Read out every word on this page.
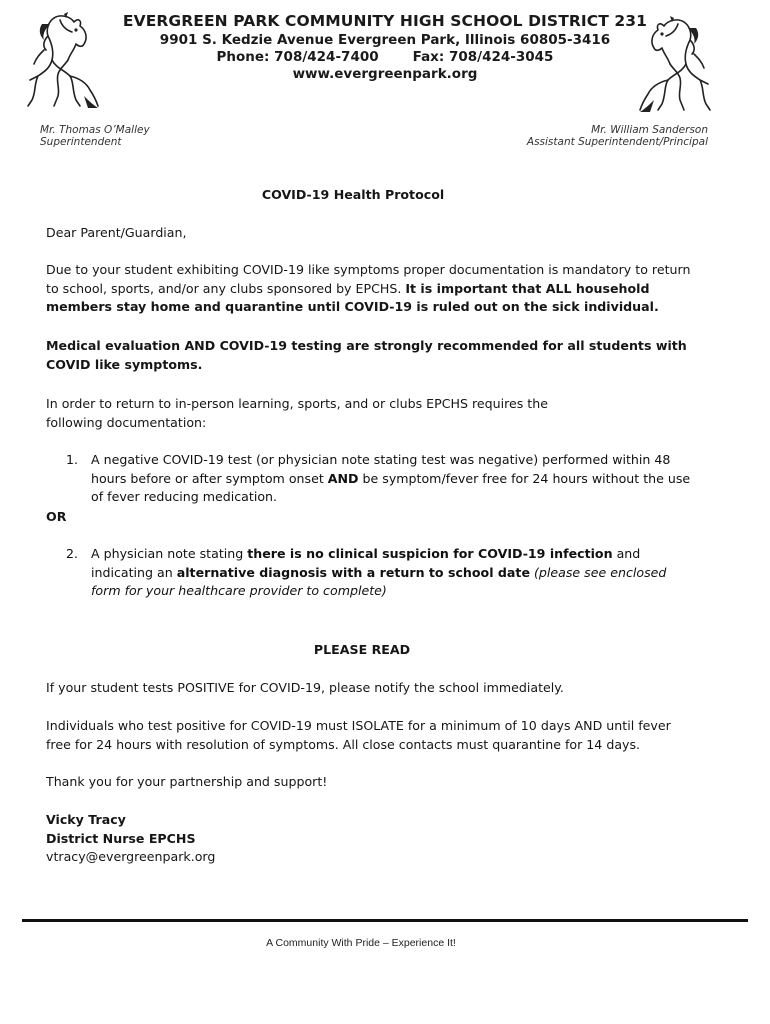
EVERGREEN PARK COMMUNITY HIGH SCHOOL DISTRICT 231
9901 S. Kedzie Avenue Evergreen Park, Illinois 60805-3416
Phone: 708/424-7400	Fax: 708/424-3045
www.evergreenpark.org
Mr. Thomas O’Malley
Superintendent
Mr. William Sanderson
Assistant Superintendent/Principal
COVID-19 Health Protocol
Dear Parent/Guardian,
Due to your student exhibiting COVID-19 like symptoms proper documentation is mandatory to return to school, sports, and/or any clubs sponsored by EPCHS. It is important that ALL household members stay home and quarantine until COVID-19 is ruled out on the sick individual.
Medical evaluation AND COVID-19 testing are strongly recommended for all students with COVID like symptoms.
In order to return to in-person learning, sports, and or clubs EPCHS requires the following documentation:
1. A negative COVID-19 test (or physician note stating test was negative) performed within 48 hours before or after symptom onset AND be symptom/fever free for 24 hours without the use of fever reducing medication.
OR
2. A physician note stating there is no clinical suspicion for COVID-19 infection and indicating an alternative diagnosis with a return to school date (please see enclosed form for your healthcare provider to complete)
PLEASE READ
If your student tests POSITIVE for COVID-19, please notify the school immediately.
Individuals who test positive for COVID-19 must ISOLATE for a minimum of 10 days AND until fever free for 24 hours with resolution of symptoms. All close contacts must quarantine for 14 days.
Thank you for your partnership and support!
Vicky Tracy
District Nurse EPCHS
vtracy@evergreenpark.org
A Community With Pride – Experience It!
